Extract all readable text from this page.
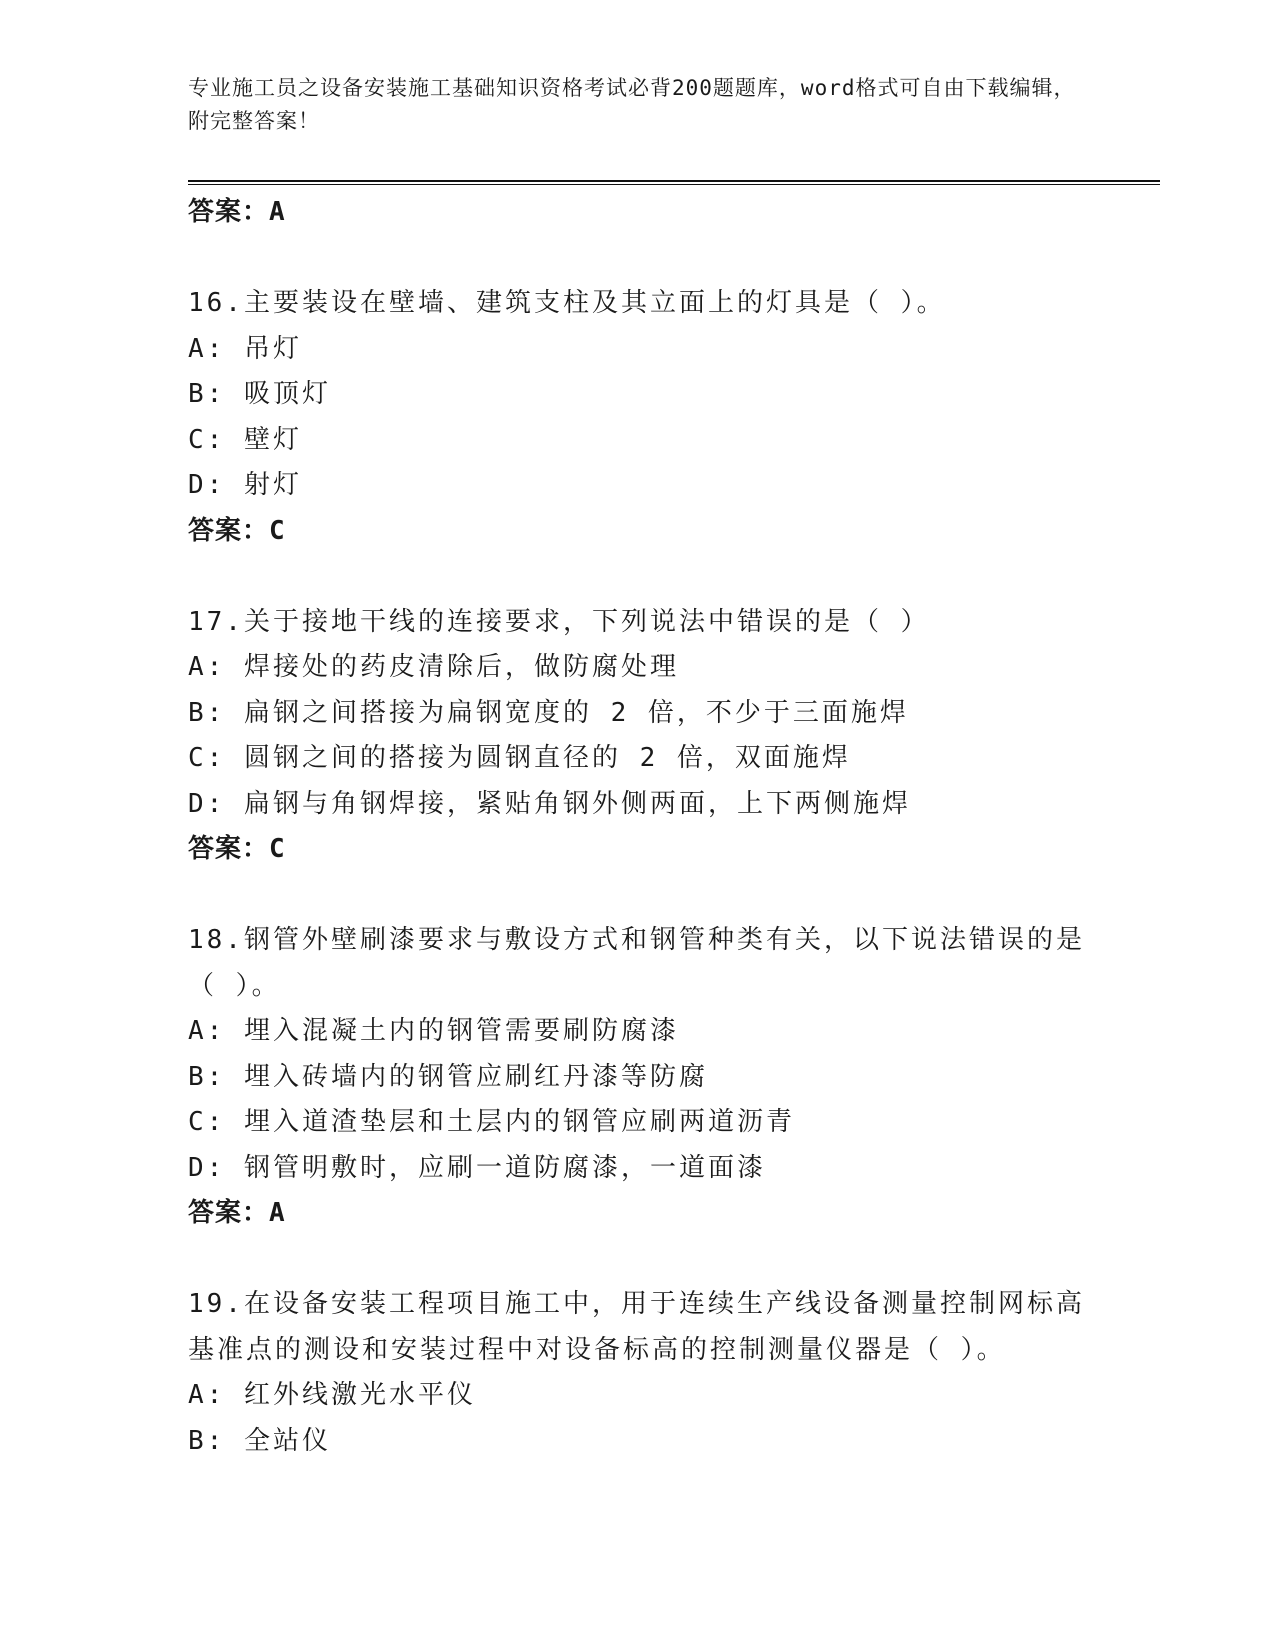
专业施工员之设备安装施工基础知识资格考试必背200题题库，word格式可自由下载编辑，附完整答案！
答案：A
16.主要装设在壁墙、建筑支柱及其立面上的灯具是（ ）。
A: 吊灯
B: 吸顶灯
C: 壁灯
D: 射灯
答案：C
17.关于接地干线的连接要求，下列说法中错误的是（ ）
A: 焊接处的药皮清除后，做防腐处理
B: 扁钢之间搭接为扁钢宽度的 2 倍，不少于三面施焊
C: 圆钢之间的搭接为圆钢直径的 2 倍，双面施焊
D: 扁钢与角钢焊接，紧贴角钢外侧两面，上下两侧施焊
答案：C
18.钢管外壁刷漆要求与敷设方式和钢管种类有关，以下说法错误的是
（ ）。
A: 埋入混凝土内的钢管需要刷防腐漆
B: 埋入砖墙内的钢管应刷红丹漆等防腐
C: 埋入道渣垫层和土层内的钢管应刷两道沥青
D: 钢管明敷时，应刷一道防腐漆，一道面漆
答案：A
19.在设备安装工程项目施工中，用于连续生产线设备测量控制网标高
基准点的测设和安装过程中对设备标高的控制测量仪器是（ ）。
A: 红外线激光水平仪
B: 全站仪
